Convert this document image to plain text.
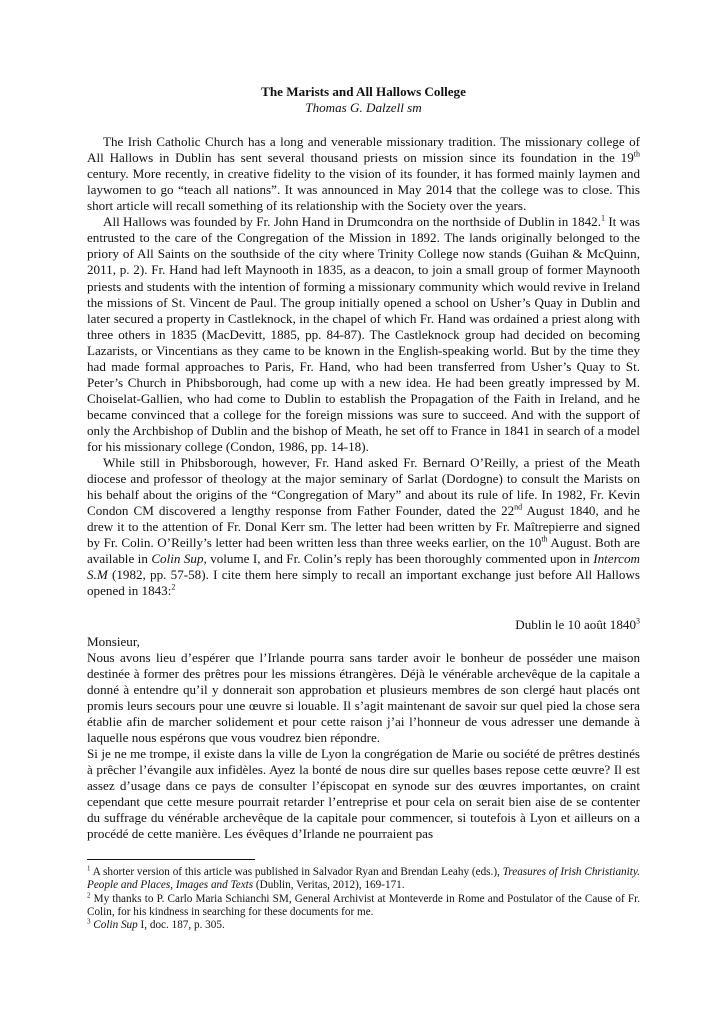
The Marists and All Hallows College

Thomas G. Dalzell sm

The Irish Catholic Church has a long and venerable missionary tradition. The missionary college of All Hallows in Dublin has sent several thousand priests on mission since its foundation in the 19th century. More recently, in creative fidelity to the vision of its founder, it has formed mainly laymen and laywomen to go “teach all nations”. It was announced in May 2014 that the college was to close. This short article will recall something of its relationship with the Society over the years.

All Hallows was founded by Fr. John Hand in Drumcondra on the northside of Dublin in 1842.$^1$ It was entrusted to the care of the Congregation of the Mission in 1892. The lands originally belonged to the priory of All Saints on the southside of the city where Trinity College now stands (Guihan & McQuinn, 2011, p. 2). Fr. Hand had left Maynooth in 1835, as a deacon, to join a small group of former Maynooth priests and students with the intention of forming a missionary community which would revive in Ireland the missions of St. Vincent de Paul. The group initially opened a school on Usher’s Quay in Dublin and later secured a property in Castleknock, in the chapel of which Fr. Hand was ordained a priest along with three others in 1835 (MacDevitt, 1885, pp. 84-87). The Castleknock group had decided on becoming Lazarists, or Vincentians as they came to be known in the English-speaking world. But by the time they had made formal approaches to Paris, Fr. Hand, who had been transferred from Usher’s Quay to St. Peter’s Church in Phibsborough, had come up with a new idea. He had been greatly impressed by M. Choiselat-Gallien, who had come to Dublin to establish the Propagation of the Faith in Ireland, and he became convinced that a college for the foreign missions was sure to succeed. And with the support of only the Archbishop of Dublin and the bishop of Meath, he set off to France in 1841 in search of a model for his missionary college (Condon, 1986, pp. 14-18).

While still in Phibsborough, however, Fr. Hand asked Fr. Bernard O’Reilly, a priest of the Meath diocese and professor of theology at the major seminary of Sarlat (Dordogne) to consult the Marists on his behalf about the origins of the “Congregation of Mary” and about its rule of life. In 1982, Fr. Kevin Condon CM discovered a lengthy response from Father Founder, dated the 22nd August 1840, and he drew it to the attention of Fr. Donal Kerr sm. The letter had been written by Fr. Maîtrepierre and signed by Fr. Colin. O’Reilly’s letter had been written less than three weeks earlier, on the 10th August. Both are available in Colin Sup, volume I, and Fr. Colin’s reply has been thoroughly commented upon in Intercom S.M (1982, pp. 57-58). I cite them here simply to recall an important exchange just before All Hallows opened in 1843:$^2$

Dublin le 10 août 1840$^3$

Monsieur,

Nous avons lieu d’espérer que l’Irlande pourra sans tarder avoir le bonheur de posséder une maison destinée à former des prêtres pour les missions étrangères. Déjà le vénérable archevêque de la capitale a donné à entendre qu’il y donnerait son approbation et plusieurs membres de son clergé haut placés ont promis leurs secours pour une œuvre si louable. Il s’agit maintenant de savoir sur quel pied la chose sera établie afin de marcher solidement et pour cette raison j’ai l’honneur de vous adresser une demande à laquelle nous espérons que vous voudrez bien répondre.

Si je ne me trompe, il existe dans la ville de Lyon la congrégation de Marie ou société de prêtres destinés à prêcher l’évangile aux infidèles. Ayez la bonté de nous dire sur quelles bases repose cette œuvre? Il est assez d’usage dans ce pays de consulter l’épiscopat en synode sur des œuvres importantes, on craint cependant que cette mesure pourrait retarder l’entreprise et pour cela on serait bien aise de se contenter du suffrage du vénérable archevêque de la capitale pour commencer, si toutefois à Lyon et ailleurs on a procédé de cette manière. Les évêques d’Irlande ne pourraient pas

$^1$ A shorter version of this article was published in Salvador Ryan and Brendan Leahy (eds.), Treasures of Irish Christianity. People and Places, Images and Texts (Dublin, Veritas, 2012), 169-171.

$^2$ My thanks to P. Carlo Maria Schianchi SM, General Archivist at Monteverde in Rome and Postulator of the Cause of Fr. Colin, for his kindness in searching for these documents for me.

$^3$ Colin Sup I, doc. 187, p. 305.
